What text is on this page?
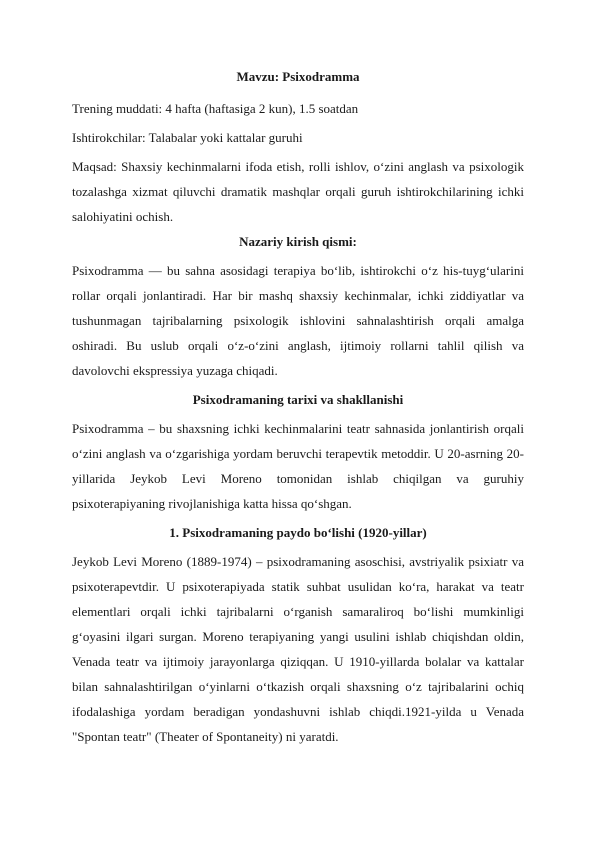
Mavzu: Psixodramma

Trening muddati: 4 hafta (haftasiga 2 kun), 1.5 soatdan

Ishtirokchilar: Talabalar yoki kattalar guruhi

Maqsad: Shaxsiy kechinmalarni ifoda etish, rolli ishlov, o‘zini anglash va psixologik tozalashga xizmat qiluvchi dramatik mashqlar orqali guruh ishtirokchilarining ichki salohiyatini ochish.

Nazariy kirish qismi:

Psixodramma — bu sahna asosidagi terapiya bo‘lib, ishtirokchi o‘z his-tuyg‘ularini rollar orqali jonlantiradi. Har bir mashq shaxsiy kechinmalar, ichki ziddiyatlar va tushunmagan tajribalarning psixologik ishlovini sahnalashtirish orqali amalga oshiradi. Bu uslub orqali o‘z-o‘zini anglash, ijtimoiy rollarni tahlil qilish va davolovchi ekspressiya yuzaga chiqadi.

Psixodramaning tarixi va shakllanishi

Psixodramma – bu shaxsning ichki kechinmalarini teatr sahnasida jonlantirish orqali o‘zini anglash va o‘zgarishiga yordam beruvchi terapevtik metoddir. U 20-asrning 20-yillarida Jeykob Levi Moreno tomonidan ishlab chiqilgan va guruhiy psixoterapiyaning rivojlanishiga katta hissa qo‘shgan.

1. Psixodramaning paydo bo‘lishi (1920-yillar)

Jeykob Levi Moreno (1889-1974) – psixodramaning asoschisi, avstriyalik psixiatr va psixoterapevtdir. U psixoterapiyada statik suhbat usulidan ko‘ra, harakat va teatr elementlari orqali ichki tajribalarni o‘rganish samaraliroq bo‘lishi mumkinligi g‘oyasini ilgari surgan. Moreno terapiyaning yangi usulini ishlab chiqishdan oldin, Venada teatr va ijtimoiy jarayonlarga qiziqqan. U 1910-yillarda bolalar va kattalar bilan sahnalashtirilgan o‘yinlarni o‘tkazish orqali shaxsning o‘z tajribalarini ochiq ifodalashiga yordam beradigan yondashuvni ishlab chiqdi.1921-yilda u Venada "Spontan teatr" (Theater of Spontaneity) ni yaratdi.
